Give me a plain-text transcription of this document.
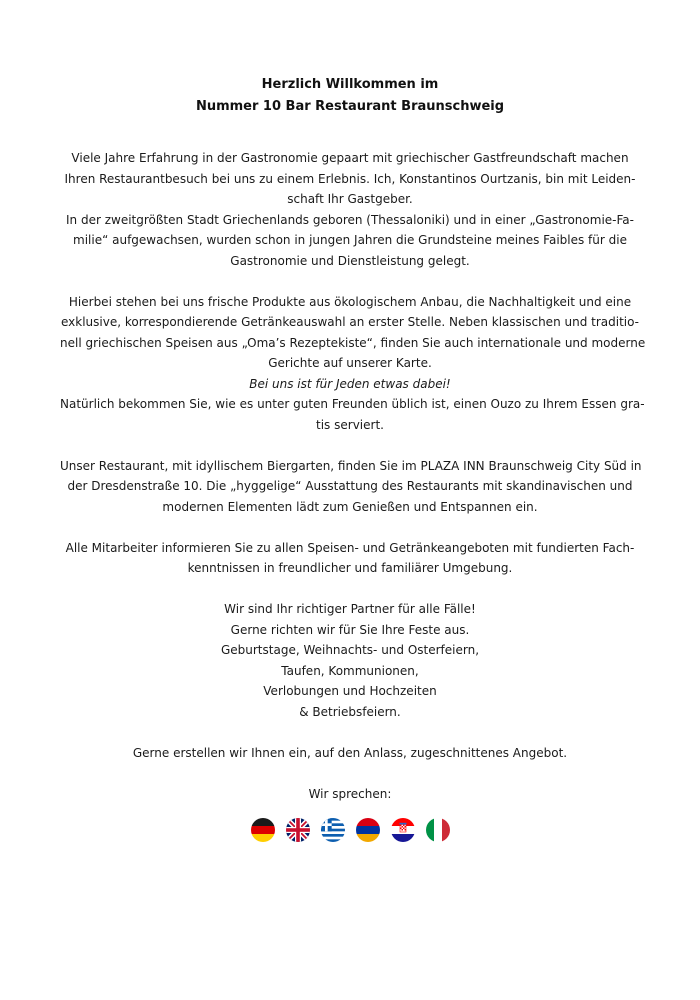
Herzlich Willkommen im
Nummer 10 Bar Restaurant Braunschweig
Viele Jahre Erfahrung in der Gastronomie gepaart mit griechischer Gastfreundschaft machen
Ihren Restaurantbesuch bei uns zu einem Erlebnis. Ich, Konstantinos Ourtzanis, bin mit Leiden-
schaft Ihr Gastgeber.
In der zweitgrößten Stadt Griechenlands geboren (Thessaloniki) und in einer „Gastronomie-Fa-
milie“ aufgewachsen, wurden schon in jungen Jahren die Grundsteine meines Faibles für die
Gastronomie und Dienstleistung gelegt.
Hierbei stehen bei uns frische Produkte aus ökologischem Anbau, die Nachhaltigkeit und eine
exklusive, korrespondierende Getränkeauswahl an erster Stelle. Neben klassischen und traditio-
nell griechischen Speisen aus „Oma’s Rezeptekiste“, finden Sie auch internationale und moderne
Gerichte auf unserer Karte.
Bei uns ist für Jeden etwas dabei!
Natürlich bekommen Sie, wie es unter guten Freunden üblich ist, einen Ouzo zu Ihrem Essen gra-
tis serviert.
Unser Restaurant, mit idyllischem Biergarten, finden Sie im PLAZA INN Braunschweig City Süd in
der Dresdenstraße 10. Die „hyggelige“ Ausstattung des Restaurants mit skandinavischen und
modernen Elementen lädt zum Genießen und Entspannen ein.
Alle Mitarbeiter informieren Sie zu allen Speisen- und Getränkeangeboten mit fundierten Fach-
kenntnissen in freundlicher und familiärer Umgebung.
Wir sind Ihr richtiger Partner für alle Fälle!
Gerne richten wir für Sie Ihre Feste aus.
Geburtstage, Weihnachts- und Osterfeiern,
Taufen, Kommunionen,
Verlobungen und Hochzeiten
& Betriebsfeiern.
Gerne erstellen wir Ihnen ein, auf den Anlass, zugeschnittenes Angebot.
Wir sprechen:
